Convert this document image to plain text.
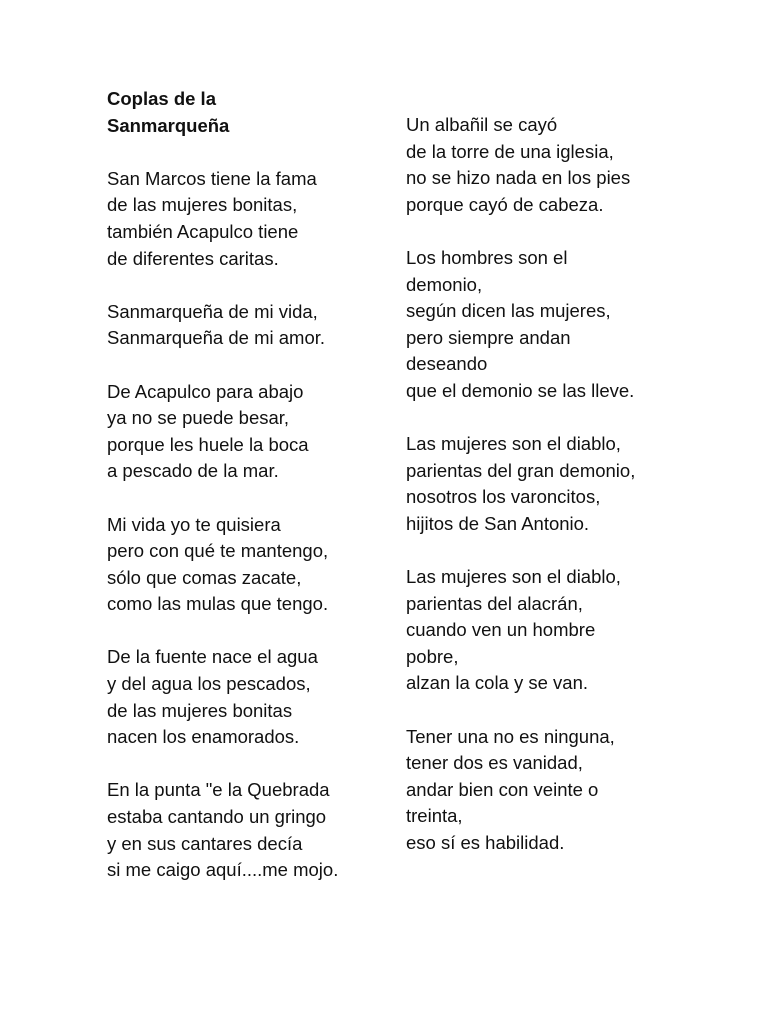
Coplas de la
Sanmarqueña
San Marcos tiene la fama
de las mujeres bonitas,
también Acapulco tiene
de diferentes caritas.
Sanmarqueña de mi vida,
Sanmarqueña de mi amor.
De Acapulco para abajo
ya no se puede besar,
porque les huele la boca
a pescado de la mar.
Mi vida yo te quisiera
pero con qué te mantengo,
sólo que comas zacate,
como las mulas que tengo.
De la fuente nace el agua
y del agua los pescados,
de las mujeres bonitas
nacen los enamorados.
En la punta "e la Quebrada
estaba cantando un gringo
y en sus cantares decía
si me caigo aquí....me mojo.
Un albañil se cayó
de la torre de una iglesia,
no se hizo nada en los pies
porque cayó de cabeza.
Los hombres son el
demonio,
según dicen las mujeres,
pero siempre andan
deseando
que el demonio se las lleve.
Las mujeres son el diablo,
parientas del gran demonio,
nosotros los varoncitos,
hijitos de San Antonio.
Las mujeres son el diablo,
parientas del alacrán,
cuando ven un hombre
pobre,
alzan la cola y se van.
Tener una no es ninguna,
tener dos es vanidad,
andar bien con veinte o
treinta,
eso sí es habilidad.
